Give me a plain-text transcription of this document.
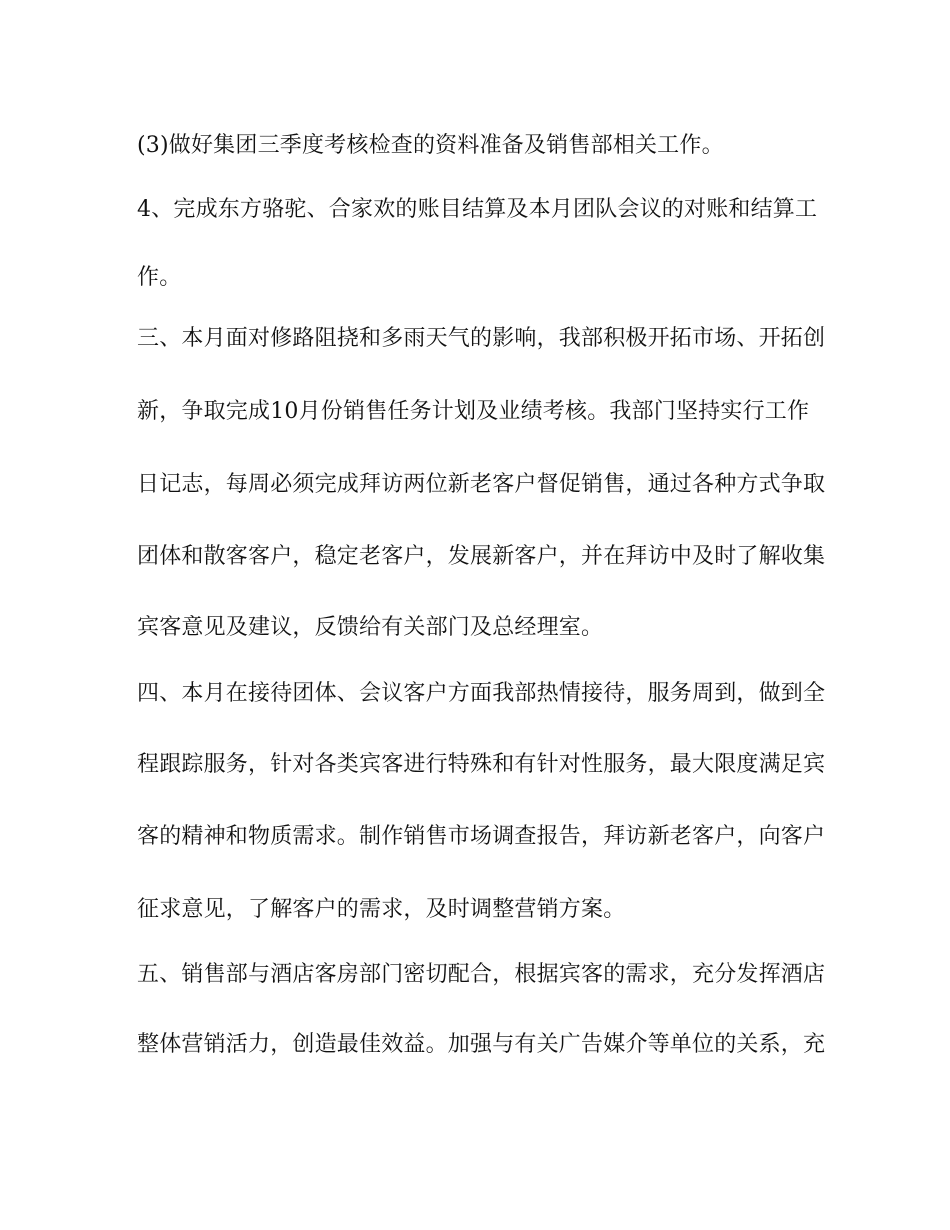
(3)做好集团三季度考核检查的资料准备及销售部相关工作。
4、完成东方骆驼、合家欢的账目结算及本月团队会议的对账和结算工
作。
三、本月面对修路阻挠和多雨天气的影响，我部积极开拓市场、开拓创
新，争取完成10月份销售任务计划及业绩考核。我部门坚持实行工作
日记志，每周必须完成拜访两位新老客户督促销售，通过各种方式争取
团体和散客客户，稳定老客户，发展新客户，并在拜访中及时了解收集
宾客意见及建议，反馈给有关部门及总经理室。
四、本月在接待团体、会议客户方面我部热情接待，服务周到，做到全
程跟踪服务，针对各类宾客进行特殊和有针对性服务，最大限度满足宾
客的精神和物质需求。制作销售市场调查报告，拜访新老客户，向客户
征求意见，了解客户的需求，及时调整营销方案。
五、销售部与酒店客房部门密切配合，根据宾客的需求，充分发挥酒店
整体营销活力，创造最佳效益。加强与有关广告媒介等单位的关系，充
